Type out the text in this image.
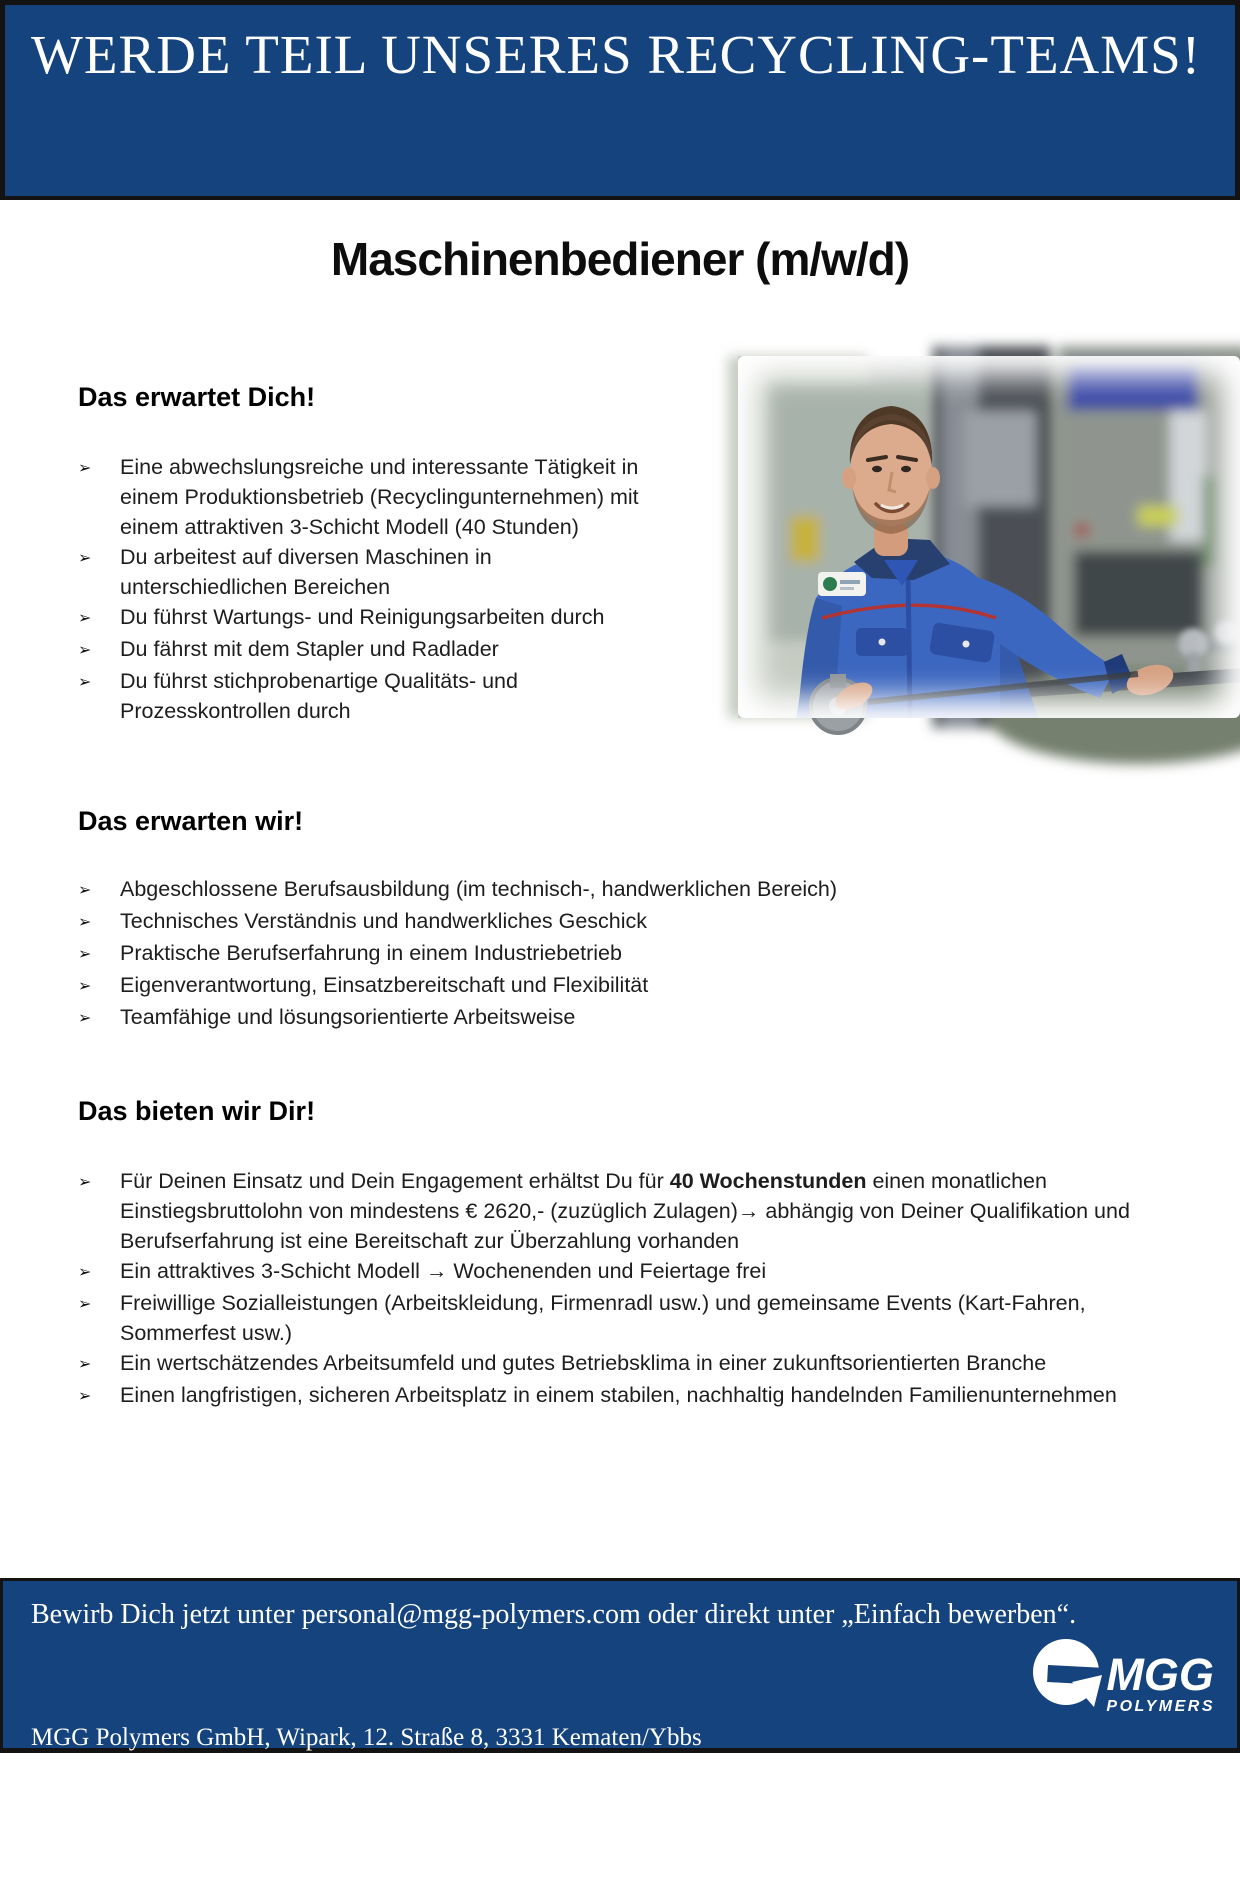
WERDE TEIL UNSERES RECYCLING-TEAMS!
Maschinenbediener (m/w/d)
Das erwartet Dich!
➢	Eine abwechslungsreiche und interessante Tätigkeit in einem Produktionsbetrieb (Recyclingunternehmen) mit einem attraktiven 3-Schicht Modell (40 Stunden)
➢	Du arbeitest auf diversen Maschinen in unterschiedlichen Bereichen
➢	Du führst Wartungs- und Reinigungsarbeiten durch
➢	Du fährst mit dem Stapler und Radlader
➢	Du führst stichprobenartige Qualitäts- und Prozesskontrollen durch
Das erwarten wir!
➢	Abgeschlossene Berufsausbildung (im technisch-, handwerklichen Bereich)
➢	Technisches Verständnis und handwerkliches Geschick
➢	Praktische Berufserfahrung in einem Industriebetrieb
➢	Eigenverantwortung, Einsatzbereitschaft und Flexibilität
➢	Teamfähige und lösungsorientierte Arbeitsweise
Das bieten wir Dir!
➢	Für Deinen Einsatz und Dein Engagement erhältst Du für 40 Wochenstunden einen monatlichen Einstiegsbruttolohn von mindestens € 2620,- (zuzüglich Zulagen)→ abhängig von Deiner Qualifikation und Berufserfahrung ist eine Bereitschaft zur Überzahlung vorhanden
➢	Ein attraktives 3-Schicht Modell → Wochenenden und Feiertage frei
➢	Freiwillige Sozialleistungen (Arbeitskleidung, Firmenradl usw.) und gemeinsame Events (Kart-Fahren, Sommerfest usw.)
➢	Ein wertschätzendes Arbeitsumfeld und gutes Betriebsklima in einer zukunftsorientierten Branche
➢	Einen langfristigen, sicheren Arbeitsplatz in einem stabilen, nachhaltig handelnden Familienunternehmen
Bewirb Dich jetzt unter personal@mgg-polymers.com oder direkt unter „Einfach bewerben“.

MGG Polymers GmbH, Wipark, 12. Straße 8, 3331 Kematen/Ybbs

www.mgg-polymers.com, Helga Berger  07476/77488-25

MGG
POLYMERS
